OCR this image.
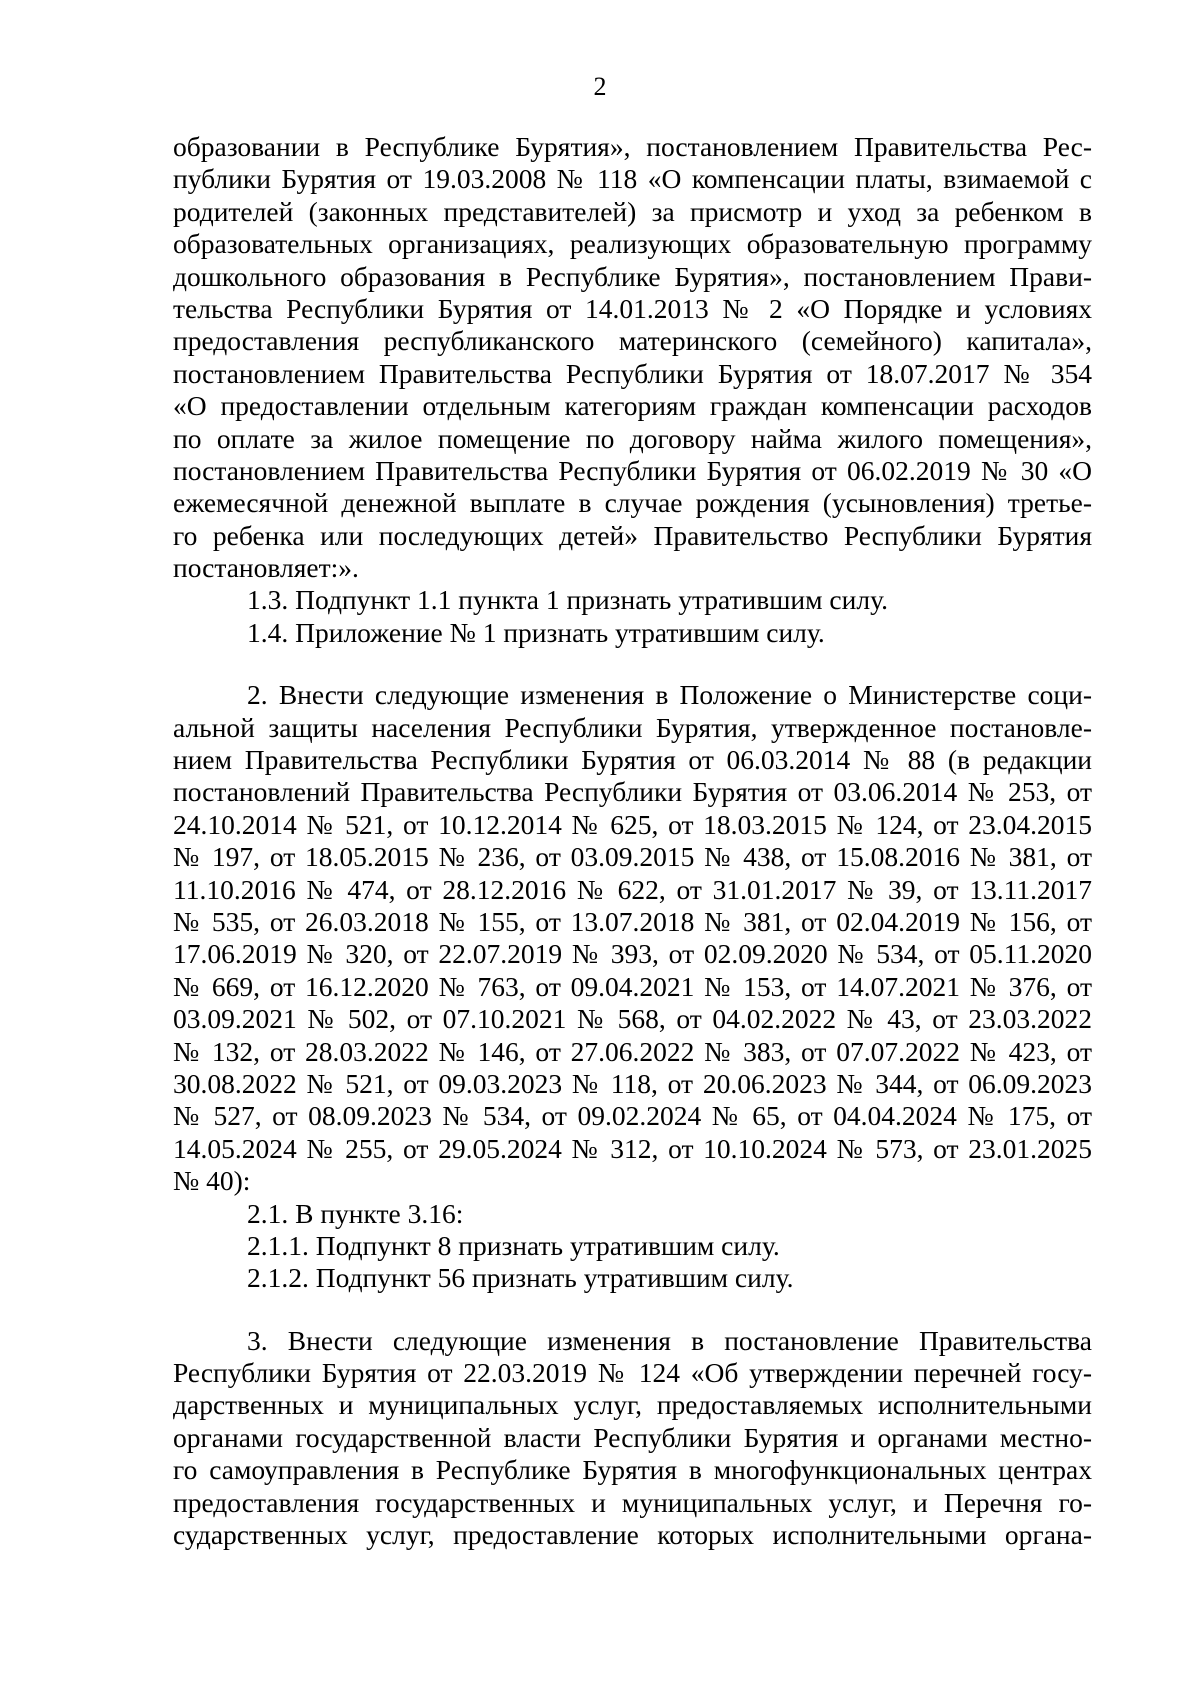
2
образовании в Республике Бурятия», постановлением Правительства Рес-
публики Бурятия от 19.03.2008 № 118 «О компенсации платы, взимаемой с
родителей (законных представителей) за присмотр и уход за ребенком в
образовательных организациях, реализующих образовательную программу
дошкольного образования в Республике Бурятия», постановлением Прави-
тельства Республики Бурятия от 14.01.2013 № 2 «О Порядке и условиях
предоставления республиканского материнского (семейного) капитала»,
постановлением Правительства Республики Бурятия от 18.07.2017 № 354
«О предоставлении отдельным категориям граждан компенсации расходов
по оплате за жилое помещение по договору найма жилого помещения»,
постановлением Правительства Республики Бурятия от 06.02.2019 № 30 «О
ежемесячной денежной выплате в случае рождения (усыновления) третье-
го ребенка или последующих детей» Правительство Республики Бурятия
постановляет:».
1.3. Подпункт 1.1 пункта 1 признать утратившим силу.
1.4. Приложение № 1 признать утратившим силу.
2. Внести следующие изменения в Положение о Министерстве соци-
альной защиты населения Республики Бурятия, утвержденное постановле-
нием Правительства Республики Бурятия от 06.03.2014 № 88 (в редакции
постановлений Правительства Республики Бурятия от 03.06.2014 № 253, от
24.10.2014 № 521, от 10.12.2014 № 625, от 18.03.2015 № 124, от 23.04.2015
№ 197, от 18.05.2015 № 236, от 03.09.2015 № 438, от 15.08.2016 № 381, от
11.10.2016 № 474, от 28.12.2016 № 622, от 31.01.2017 № 39, от 13.11.2017
№ 535, от 26.03.2018 № 155, от 13.07.2018 № 381, от 02.04.2019 № 156, от
17.06.2019 № 320, от 22.07.2019 № 393, от 02.09.2020 № 534, от 05.11.2020
№ 669, от 16.12.2020 № 763, от 09.04.2021 № 153, от 14.07.2021 № 376, от
03.09.2021 № 502, от 07.10.2021 № 568, от 04.02.2022 № 43, от 23.03.2022
№ 132, от 28.03.2022 № 146, от 27.06.2022 № 383, от 07.07.2022 № 423, от
30.08.2022 № 521, от 09.03.2023 № 118, от 20.06.2023 № 344, от 06.09.2023
№ 527, от 08.09.2023 № 534, от 09.02.2024 № 65, от 04.04.2024 № 175, от
14.05.2024 № 255, от 29.05.2024 № 312, от 10.10.2024 № 573, от 23.01.2025
№ 40):
2.1. В пункте 3.16:
2.1.1. Подпункт 8 признать утратившим силу.
2.1.2. Подпункт 56 признать утратившим силу.
3. Внести следующие изменения в постановление Правительства
Республики Бурятия от 22.03.2019 № 124 «Об утверждении перечней госу-
дарственных и муниципальных услуг, предоставляемых исполнительными
органами государственной власти Республики Бурятия и органами местно-
го самоуправления в Республике Бурятия в многофункциональных центрах
предоставления государственных и муниципальных услуг, и Перечня го-
сударственных услуг, предоставление которых исполнительными органа-
